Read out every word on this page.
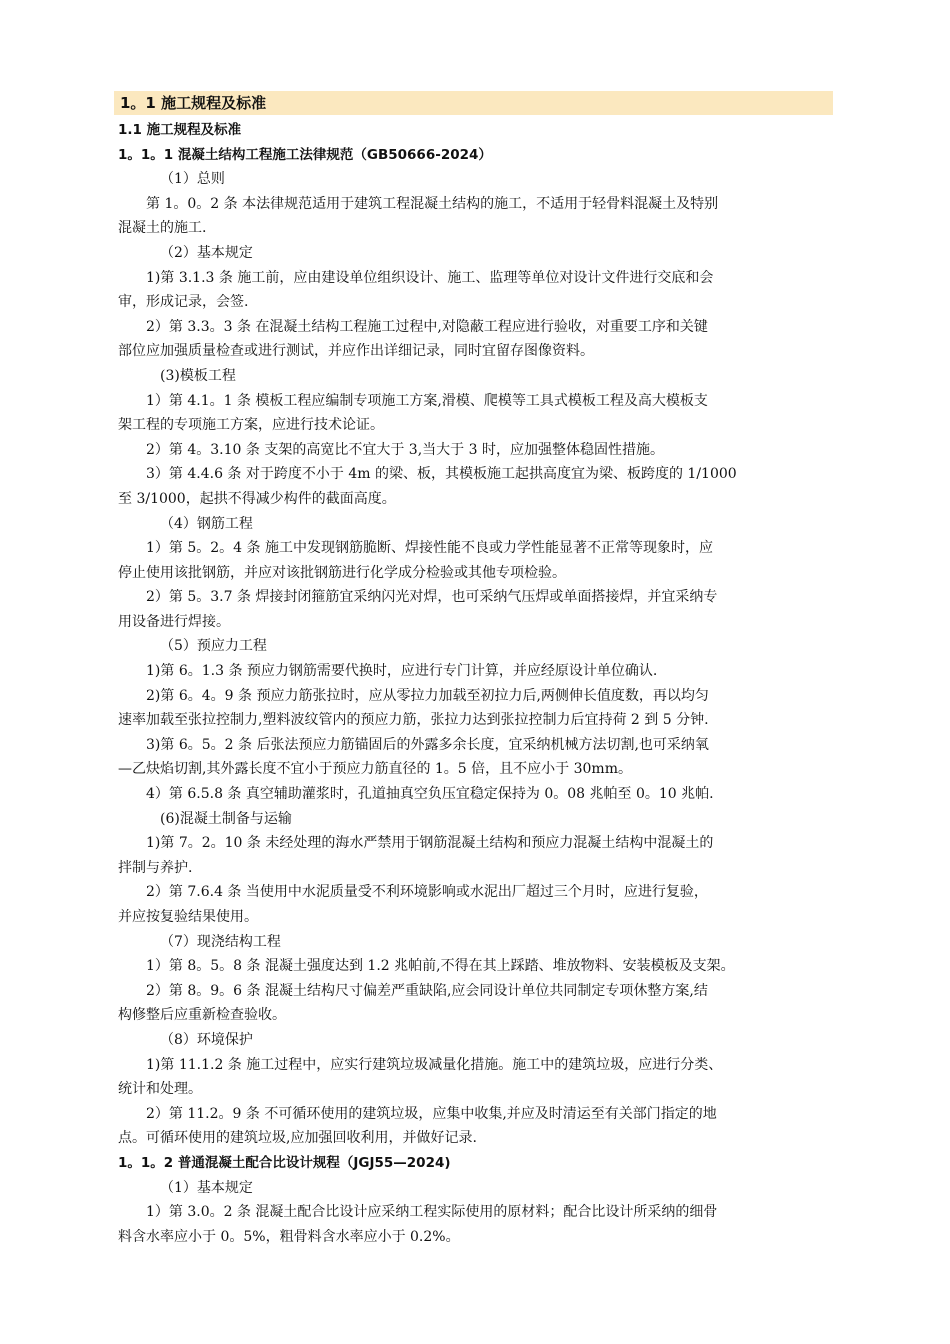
1。1 施工规程及标准
1.1 施工规程及标准
1。1。1 混凝土结构工程施工法律规范（GB50666-2024）
（1）总则
第 1。0。2 条 本法律规范适用于建筑工程混凝土结构的施工，不适用于轻骨料混凝土及特别
混凝土的施工.
（2）基本规定
1)第 3.1.3 条 施工前，应由建设单位组织设计、施工、监理等单位对设计文件进行交底和会
审，形成记录，会签.
2）第 3.3。3 条 在混凝土结构工程施工过程中,对隐蔽工程应进行验收，对重要工序和关键
部位应加强质量检查或进行测试，并应作出详细记录，同时宜留存图像资料。
(3)模板工程
1）第 4.1。1 条 模板工程应编制专项施工方案,滑模、爬模等工具式模板工程及高大模板支
架工程的专项施工方案，应进行技术论证。
2）第 4。3.10 条 支架的高宽比不宜大于 3,当大于 3 时，应加强整体稳固性措施。
3）第 4.4.6 条 对于跨度不小于 4m 的梁、板，其模板施工起拱高度宜为梁、板跨度的 1/1000
至 3/1000，起拱不得减少构件的截面高度。
（4）钢筋工程
1）第 5。2。4 条 施工中发现钢筋脆断、焊接性能不良或力学性能显著不正常等现象时，应
停止使用该批钢筋，并应对该批钢筋进行化学成分检验或其他专项检验。
2）第 5。3.7 条 焊接封闭箍筋宜采纳闪光对焊，也可采纳气压焊或单面搭接焊，并宜采纳专
用设备进行焊接。
（5）预应力工程
1)第 6。1.3 条 预应力钢筋需要代换时，应进行专门计算，并应经原设计单位确认.
2)第 6。4。9 条 预应力筋张拉时，应从零拉力加载至初拉力后,两侧伸长值度数，再以均匀
速率加载至张拉控制力,塑料波纹管内的预应力筋，张拉力达到张拉控制力后宜持荷 2 到 5 分钟.
3)第 6。5。2 条 后张法预应力筋锚固后的外露多余长度，宜采纳机械方法切割,也可采纳氧
—乙炔焰切割,其外露长度不宜小于预应力筋直径的 1。5 倍，且不应小于 30mm。
4）第 6.5.8 条 真空辅助灌浆时，孔道抽真空负压宜稳定保持为 0。08 兆帕至 0。10 兆帕.
(6)混凝土制备与运输
1)第 7。2。10 条 未经处理的海水严禁用于钢筋混凝土结构和预应力混凝土结构中混凝土的
拌制与养护.
2）第 7.6.4 条 当使用中水泥质量受不利环境影响或水泥出厂超过三个月时，应进行复验，
并应按复验结果使用。
（7）现浇结构工程
1）第 8。5。8 条 混凝土强度达到 1.2 兆帕前,不得在其上踩踏、堆放物料、安装模板及支架。
2）第 8。9。6 条 混凝土结构尺寸偏差严重缺陷,应会同设计单位共同制定专项休整方案,结
构修整后应重新检查验收。
（8）环境保护
1)第 11.1.2 条 施工过程中，应实行建筑垃圾减量化措施。施工中的建筑垃圾，应进行分类、
统计和处理。
2）第 11.2。9 条 不可循环使用的建筑垃圾，应集中收集,并应及时清运至有关部门指定的地
点。可循环使用的建筑垃圾,应加强回收利用，并做好记录.
1。1。2 普通混凝土配合比设计规程（JGJ55—2024)
（1）基本规定
1）第 3.0。2 条 混凝土配合比设计应采纳工程实际使用的原材料；配合比设计所采纳的细骨
料含水率应小于 0。5%，粗骨料含水率应小于 0.2%。
